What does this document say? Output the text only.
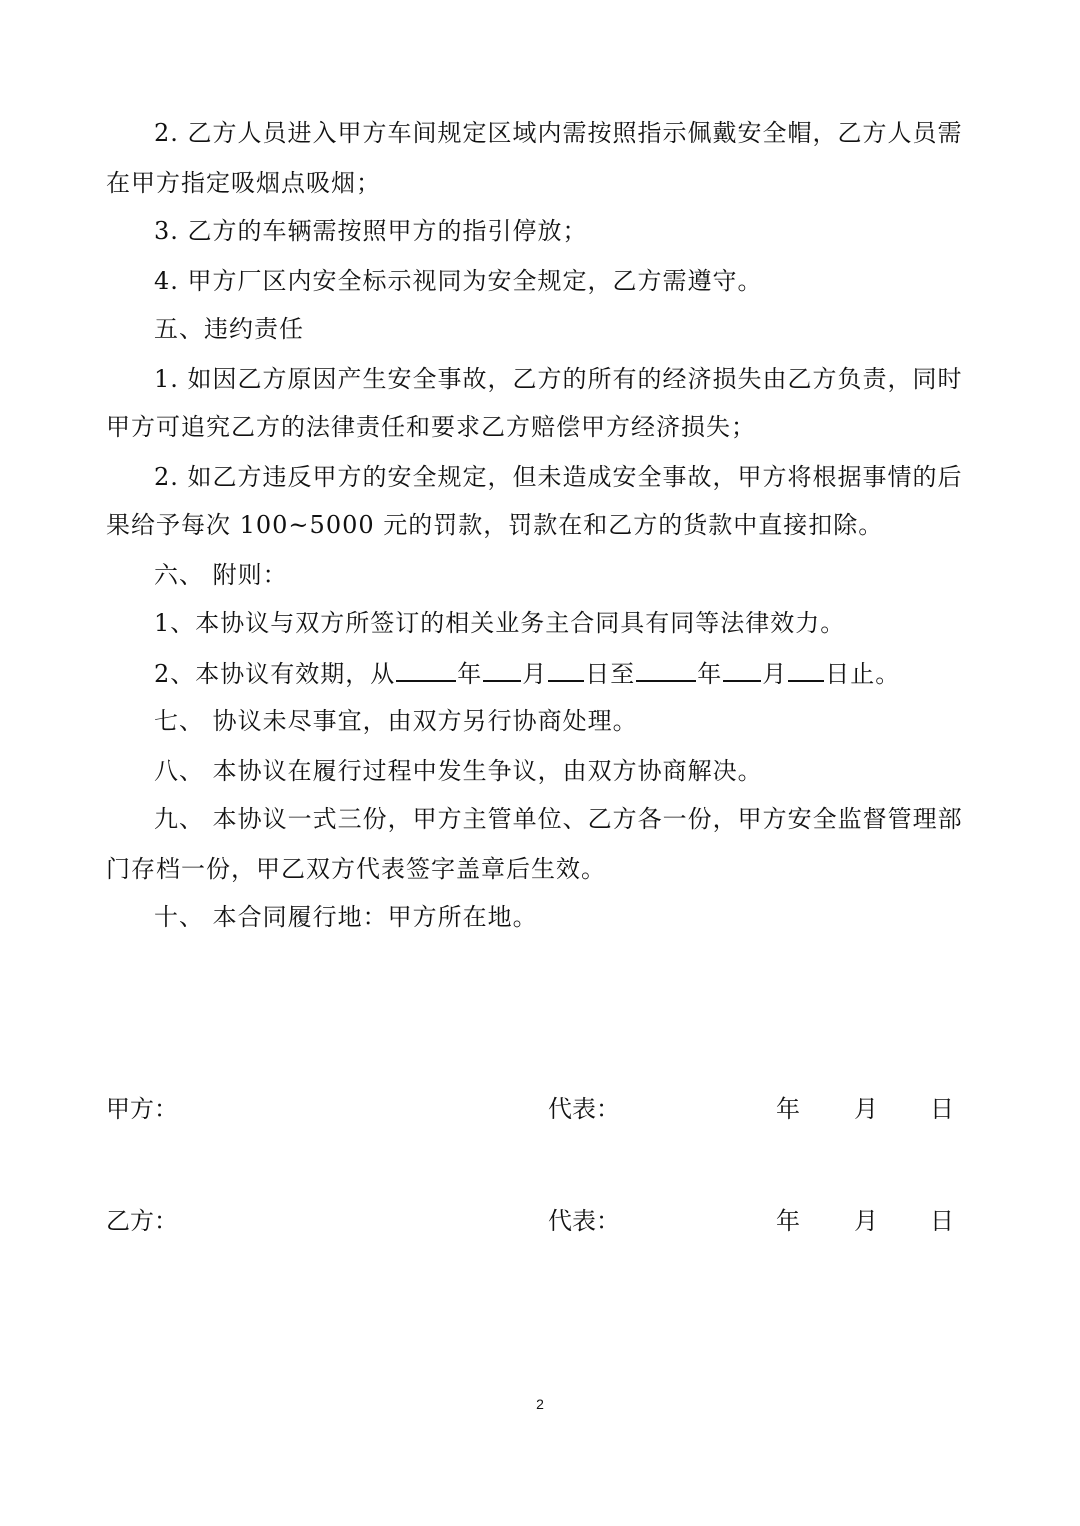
2. 乙方人员进入甲方车间规定区域内需按照指示佩戴安全帽，乙方人员需
在甲方指定吸烟点吸烟；
3. 乙方的车辆需按照甲方的指引停放；
4. 甲方厂区内安全标示视同为安全规定，乙方需遵守。
五、违约责任
1. 如因乙方原因产生安全事故，乙方的所有的经济损失由乙方负责，同时
甲方可追究乙方的法律责任和要求乙方赔偿甲方经济损失；
2. 如乙方违反甲方的安全规定，但未造成安全事故，甲方将根据事情的后
果给予每次 100~5000 元的罚款，罚款在和乙方的货款中直接扣除。
六、 附则：
1、本协议与双方所签订的相关业务主合同具有同等法律效力。
2、本协议有效期，从	年 月 日至	年 月 日止。
七、 协议未尽事宜，由双方另行协商处理。
八、 本协议在履行过程中发生争议，由双方协商解决。
九、 本协议一式三份，甲方主管单位、乙方各一份，甲方安全监督管理部
门存档一份，甲乙双方代表签字盖章后生效。
十、 本合同履行地：甲方所在地。
甲方：	代表：	年 月 日
乙方：	代表：	年 月 日
2
